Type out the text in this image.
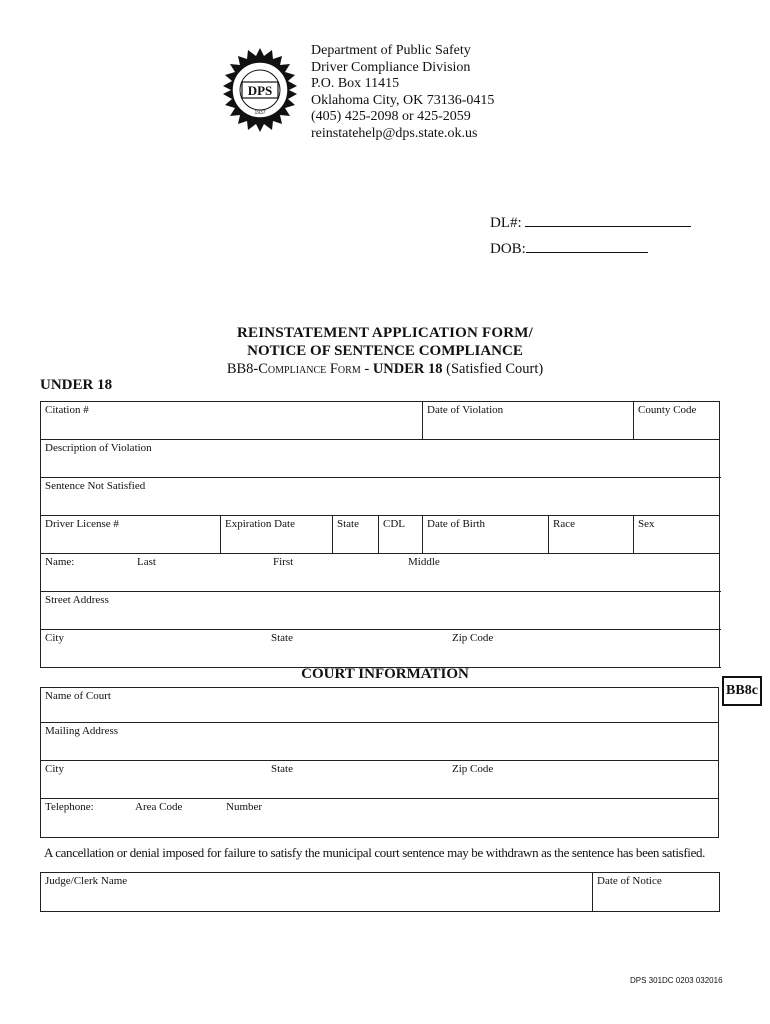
DPS
1937
Department of Public Safety
Driver Compliance Division
P.O. Box 11415
Oklahoma City, OK 73136-0415
(405) 425-2098 or 425-2059
reinstatehelp@dps.state.ok.us
DL#:
DOB:
REINSTATEMENT APPLICATION FORM/
NOTICE OF SENTENCE COMPLIANCE
BB8-Compliance Form - UNDER 18 (Satisfied Court)
UNDER 18
Citation #				Date of Violation		County Code	
Description of Violation							
Sentence Not Satisfied							
Driver License #	Expiration Date	State	CDL	Date of Birth	Race	Sex	
Name: Last First Middle							

Street Address							
City State Zip Code							
COURT INFORMATION
BB8c
Name of Court
Mailing Address
City	State	Zip Code

Telephone:	Area Code	Number
A cancellation or denial imposed for failure to satisfy the municipal court sentence may be withdrawn as the sentence has been satisfied.
Judge/Clerk Name	Date of Notice
DPS 301DC 0203 032016
